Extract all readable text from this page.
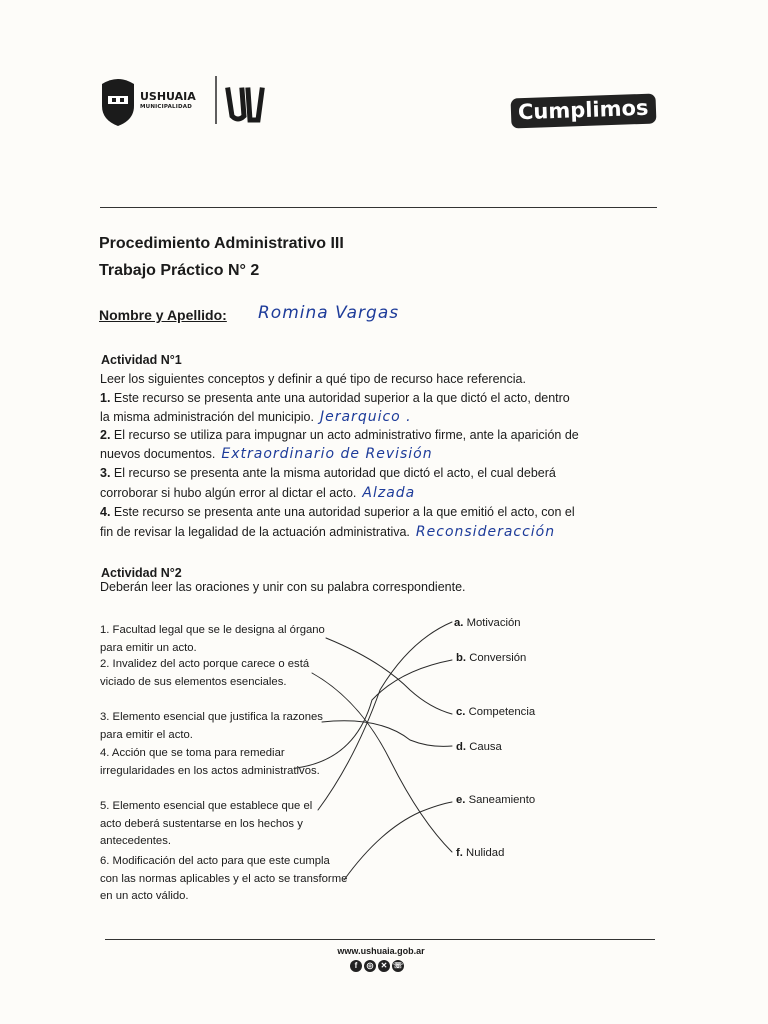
USHUAIA
MUNICIPALIDAD	Cumplimos
Procedimiento Administrativo III
Trabajo Práctico N° 2
Nombre y Apellido: Romina Vargas
Actividad N°1
Leer los siguientes conceptos y definir a qué tipo de recurso hace referencia.
1. Este recurso se presenta ante una autoridad superior a la que dictó el acto, dentro
la misma administración del municipio. Jerarquico .
2. El recurso se utiliza para impugnar un acto administrativo firme, ante la aparición de
nuevos documentos. Extraordinario de Revisión
3. El recurso se presenta ante la misma autoridad que dictó el acto, el cual deberá
corroborar si hubo algún error al dictar el acto. Alzada
4. Este recurso se presenta ante una autoridad superior a la que emitió el acto, con el
fin de revisar la legalidad de la actuación administrativa. Reconsideracción
Actividad N°2
Deberán leer las oraciones y unir con su palabra correspondiente.
1. Facultad legal que se le designa al órgano para emitir un acto.
2. Invalidez del acto porque carece o está viciado de sus elementos esenciales.
3. Elemento esencial que justifica la razones para emitir el acto.
4. Acción que se toma para remediar irregularidades en los actos administrativos.
5. Elemento esencial que establece que el acto deberá sustentarse en los hechos y antecedentes.
6. Modificación del acto para que este cumpla con las normas aplicables y el acto se transforme en un acto válido.
a. Motivación
b. Conversión
c. Competencia
d. Causa
e. Saneamiento
f. Nulidad
www.ushuaia.gob.ar
f	◎ ✕ ☏
